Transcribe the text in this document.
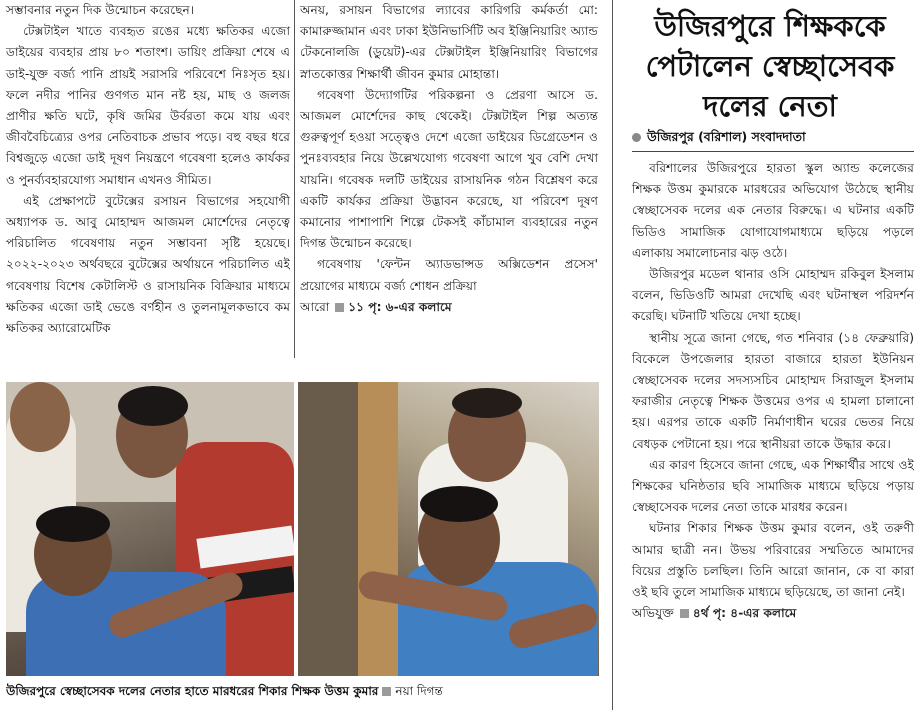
সম্ভাবনার নতুন দিক উন্মোচন করেছেন।

টেক্সটাইল খাতে ব্যবহৃত রঙের মধ্যে ক্ষতিকর এজো ডাইয়ের ব্যবহার প্রায় ৮০ শতাংশ। ডায়িং প্রক্রিয়া শেষে এ ডাই-যুক্ত বর্জ্য পানি প্রায়ই সরাসরি পরিবেশে নিঃসৃত হয়। ফলে নদীর পানির গুণগত মান নষ্ট হয়, মাছ ও জলজ প্রাণীর ক্ষতি ঘটে, কৃষি জমির উর্বরতা কমে যায় এবং জীববৈচিত্র্যের ওপর নেতিবাচক প্রভাব পড়ে। বহু বছর ধরে বিশ্বজুড়ে এজো ডাই দূষণ নিয়ন্ত্রণে গবেষণা হলেও কার্যকর ও পুনর্ব্যবহারযোগ্য সমাধান এখনও সীমিত।

এই প্রেক্ষাপটে বুটেক্সের রসায়ন বিভাগের সহযোগী অধ্যাপক ড. আবু মোহাম্মদ আজমল মোর্শেদের নেতৃত্বে পরিচালিত গবেষণায় নতুন সম্ভাবনা সৃষ্টি হয়েছে। ২০২২-২০২৩ অর্থবছরে বুটেক্সের অর্থায়নে পরিচালিত এই গবেষণায় বিশেষ কেটালিস্ট ও রাসায়নিক বিক্রিয়ার মাধ্যমে ক্ষতিকর এজো ডাই ভেঙে বর্ণহীন ও তুলনামূলকভাবে কম ক্ষতিকর অ্যারোমেটিক

অনয়, রসায়ন বিভাগের ল্যাবের কারিগরি কর্মকর্তা মো: কামারুজ্জামান এবং ঢাকা ইউনিভার্সিটি অব ইঞ্জিনিয়ারিং অ্যান্ড টেকনোলজি (ডুয়েট)-এর টেক্সটাইল ইঞ্জিনিয়ারিং বিভাগের স্নাতকোত্তর শিক্ষার্থী জীবন কুমার মোহান্তা।

গবেষণা উদ্যোগটির পরিকল্পনা ও প্রেরণা আসে ড. আজমল মোর্শেদের কাছ থেকেই। টেক্সটাইল শিল্প অত্যন্ত গুরুত্বপূর্ণ হওয়া সত্ত্বেও দেশে এজো ডাইয়ের ডিগ্রেডেশন ও পুনঃব্যবহার নিয়ে উল্লেখযোগ্য গবেষণা আগে খুব বেশি দেখা যায়নি। গবেষক দলটি ডাইয়ের রাসায়নিক গঠন বিশ্লেষণ করে একটি কার্যকর প্রক্রিয়া উদ্ভাবন করেছে, যা পরিবেশ দূষণ কমানোর পাশাপাশি শিল্পে টেকসই কাঁচামাল ব্যবহারের নতুন দিগন্ত উন্মোচন করেছে।

গবেষণায় 'ফেন্টন অ্যাডভান্সড অক্সিডেশন প্রসেস' প্রয়োগের মাধ্যমে বর্জ্য শোধন প্রক্রিয়া

আরো ১১ পৃ: ৬-এর কলামে

উজিরপুরে স্বেচ্ছাসেবক দলের নেতার হাতে মারধরের শিকার শিক্ষক উত্তম কুমার নয়া দিগন্ত
উজিরপুরে শিক্ষককে পেটালেন স্বেচ্ছাসেবক দলের নেতা
উজিরপুর (বরিশাল) সংবাদদাতা

বরিশালের উজিরপুরে হারতা স্কুল অ্যান্ড কলেজের শিক্ষক উত্তম কুমারকে মারধরের অভিযোগ উঠেছে স্থানীয় স্বেচ্ছাসেবক দলের এক নেতার বিরুদ্ধে। এ ঘটনার একটি ভিডিও সামাজিক যোগাযোগমাধ্যমে ছড়িয়ে পড়লে এলাকায় সমালোচনার ঝড় ওঠে।

উজিরপুর মডেল থানার ওসি মোহাম্মদ রকিবুল ইসলাম বলেন, ভিডিওটি আমরা দেখেছি এবং ঘটনাস্থল পরিদর্শন করেছি। ঘটনাটি খতিয়ে দেখা হচ্ছে।

স্থানীয় সূত্রে জানা গেছে, গত শনিবার (১৪ ফেব্রুয়ারি) বিকেলে উপজেলার হারতা বাজারে হারতা ইউনিয়ন স্বেচ্ছাসেবক দলের সদস্যসচিব মোহাম্মদ সিরাজুল ইসলাম ফরাজীর নেতৃত্বে শিক্ষক উত্তমের ওপর এ হামলা চালানো হয়। এরপর তাকে একটি নির্মাণাধীন ঘরের ভেতর নিয়ে বেধড়ক পেটানো হয়। পরে স্থানীয়রা তাকে উদ্ধার করে।

এর কারণ হিসেবে জানা গেছে, এক শিক্ষার্থীর সাথে ওই শিক্ষকের ঘনিষ্ঠতার ছবি সামাজিক মাধ্যমে ছড়িয়ে পড়ায় স্বেচ্ছাসেবক দলের নেতা তাকে মারধর করেন।

ঘটনার শিকার শিক্ষক উত্তম কুমার বলেন, ওই তরুণী আমার ছাত্রী নন। উভয় পরিবারের সম্মতিতে আমাদের বিয়ের প্রস্তুতি চলছিল। তিনি আরো জানান, কে বা কারা ওই ছবি তুলে সামাজিক মাধ্যমে ছড়িয়েছে, তা জানা নেই।

অভিযুক্ত ৪র্থ পৃ: ৪-এর কলামে
